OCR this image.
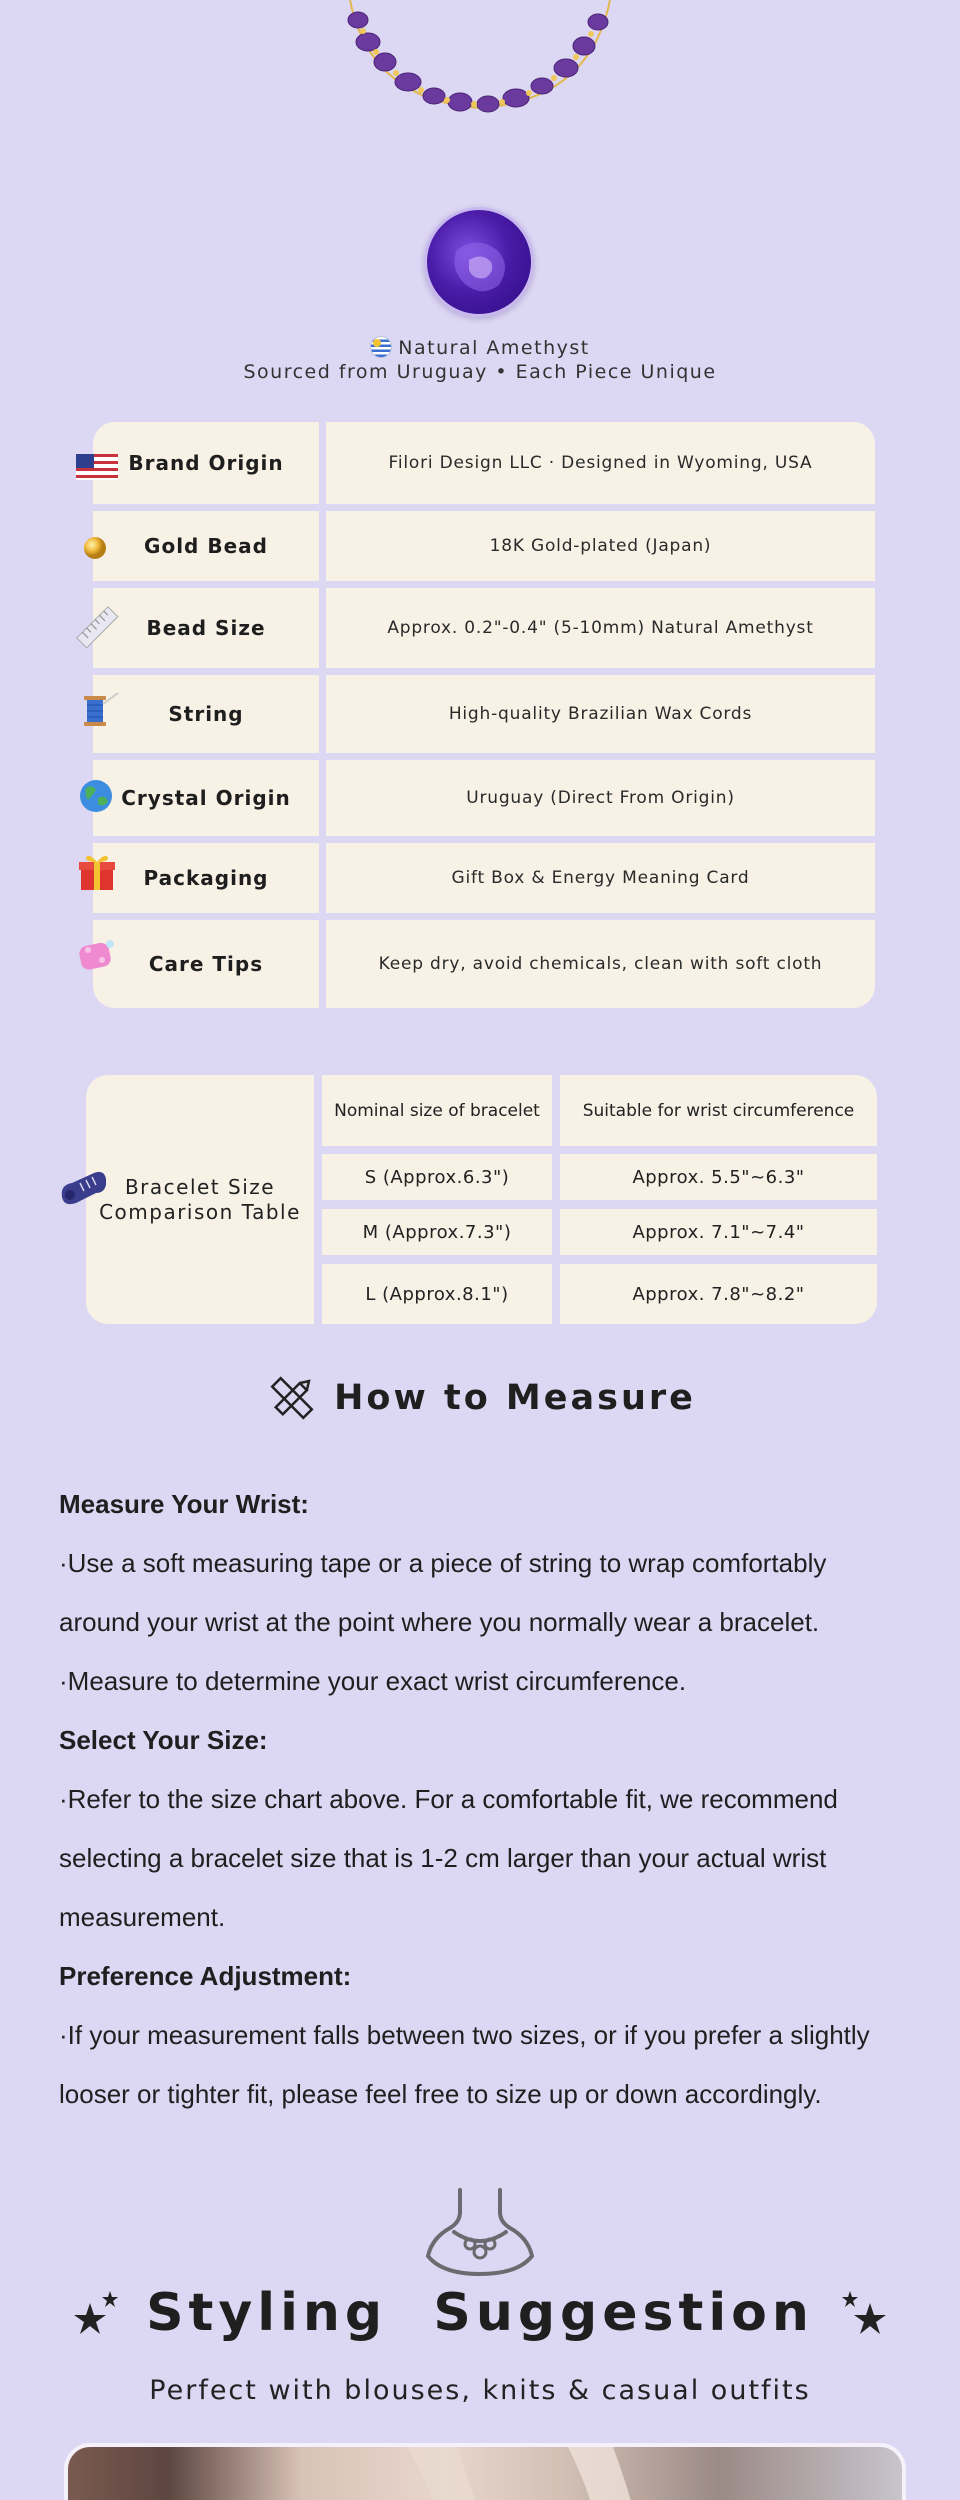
Natural Amethyst
Sourced from Uruguay • Each Piece Unique
Brand Origin	Filori Design LLC · Designed in Wyoming, USA
Gold Bead	18K Gold-plated (Japan)
Bead Size	Approx. 0.2"-0.4" (5-10mm) Natural Amethyst
String	High-quality Brazilian Wax Cords
Crystal Origin	Uruguay (Direct From Origin)
Packaging	Gift Box & Energy Meaning Card
Care Tips	Keep dry, avoid chemicals, clean with soft cloth
Bracelet Size
Comparison Table
Nominal size of bracelet	Suitable for wrist circumference
S (Approx.6.3")	Approx. 5.5"~6.3"
M (Approx.7.3")	Approx. 7.1"~7.4"
L (Approx.8.1")	Approx. 7.8"~8.2"
How to Measure
Measure Your Wrist:
·Use a soft measuring tape or a piece of string to wrap comfortably
around your wrist at the point where you normally wear a bracelet.
·Measure to determine your exact wrist circumference.
Select Your Size:
·Refer to the size chart above. For a comfortable fit, we recommend
selecting a bracelet size that is 1-2 cm larger than your actual wrist
measurement.
Preference Adjustment:
·If your measurement falls between two sizes, or if you prefer a slightly
looser or tighter fit, please feel free to size up or down accordingly.
Styling  Suggestion
Perfect with blouses, knits & casual outfits
